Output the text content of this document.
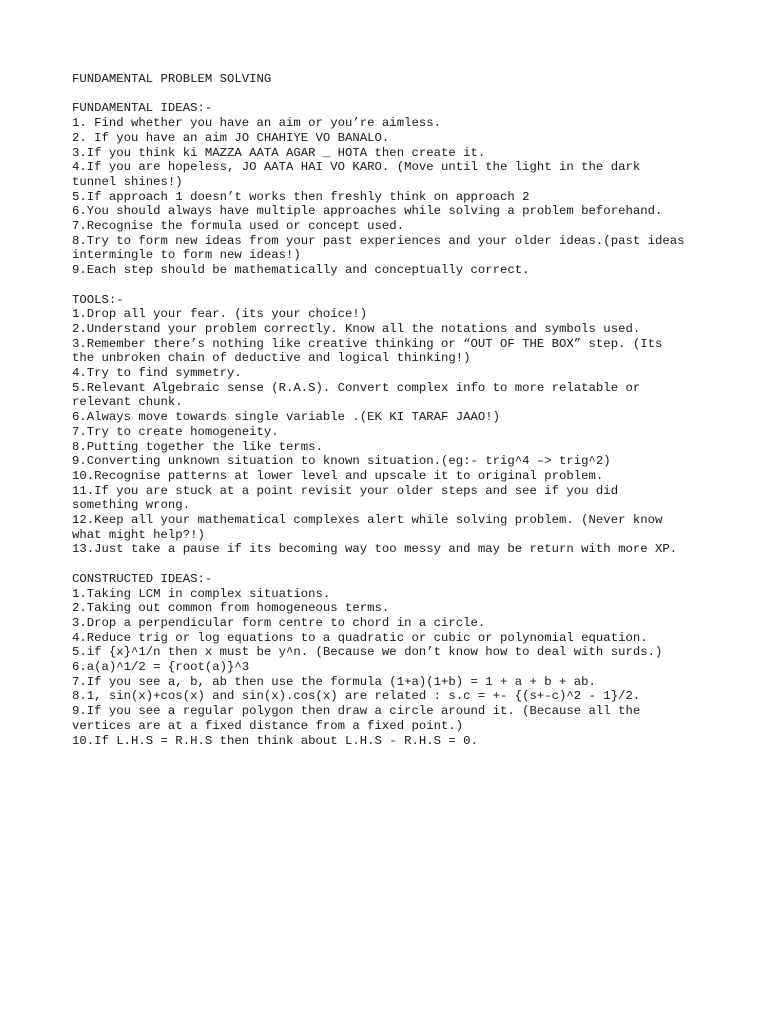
FUNDAMENTAL PROBLEM SOLVING
FUNDAMENTAL IDEAS:-

1. Find whether you have an aim or you’re aimless.

2. If you have an aim JO CHAHIYE VO BANALO.

3.If you think ki MAZZA AATA AGAR _ HOTA then create it.

4.If you are hopeless, JO AATA HAI VO KARO. (Move until the light in the dark

tunnel shines!)

5.If approach 1 doesn’t works then freshly think on approach 2

6.You should always have multiple approaches while solving a problem beforehand.

7.Recognise the formula used or concept used.

8.Try to form new ideas from your past experiences and your older ideas.(past ideas

intermingle to form new ideas!)

9.Each step should be mathematically and conceptually correct.

TOOLS:-

1.Drop all your fear. (its your choice!)

2.Understand your problem correctly. Know all the notations and symbols used.

3.Remember there’s nothing like creative thinking or “OUT OF THE BOX” step. (Its

the unbroken chain of deductive and logical thinking!)

4.Try to find symmetry.

5.Relevant Algebraic sense (R.A.S). Convert complex info to more relatable or

relevant chunk.

6.Always move towards single variable .(EK KI TARAF JAAO!)

7.Try to create homogeneity.

8.Putting together the like terms.

9.Converting unknown situation to known situation.(eg:- trig^4 –> trig^2)

10.Recognise patterns at lower level and upscale it to original problem.

11.If you are stuck at a point revisit your older steps and see if you did

something wrong.

12.Keep all your mathematical complexes alert while solving problem. (Never know

what might help?!)

13.Just take a pause if its becoming way too messy and may be return with more XP.

CONSTRUCTED IDEAS:-

1.Taking LCM in complex situations.

2.Taking out common from homogeneous terms.

3.Drop a perpendicular form centre to chord in a circle.

4.Reduce trig or log equations to a quadratic or cubic or polynomial equation.

5.if {x}^1/n then x must be y^n. (Because we don’t know how to deal with surds.)

6.a(a)^1/2 = {root(a)}^3

7.If you see a, b, ab then use the formula (1+a)(1+b) = 1 + a + b + ab.

8.1, sin(x)+cos(x) and sin(x).cos(x) are related : s.c = +- {(s+-c)^2 - 1}/2.

9.If you see a regular polygon then draw a circle around it. (Because all the

vertices are at a fixed distance from a fixed point.)

10.If L.H.S = R.H.S then think about L.H.S - R.H.S = 0.
